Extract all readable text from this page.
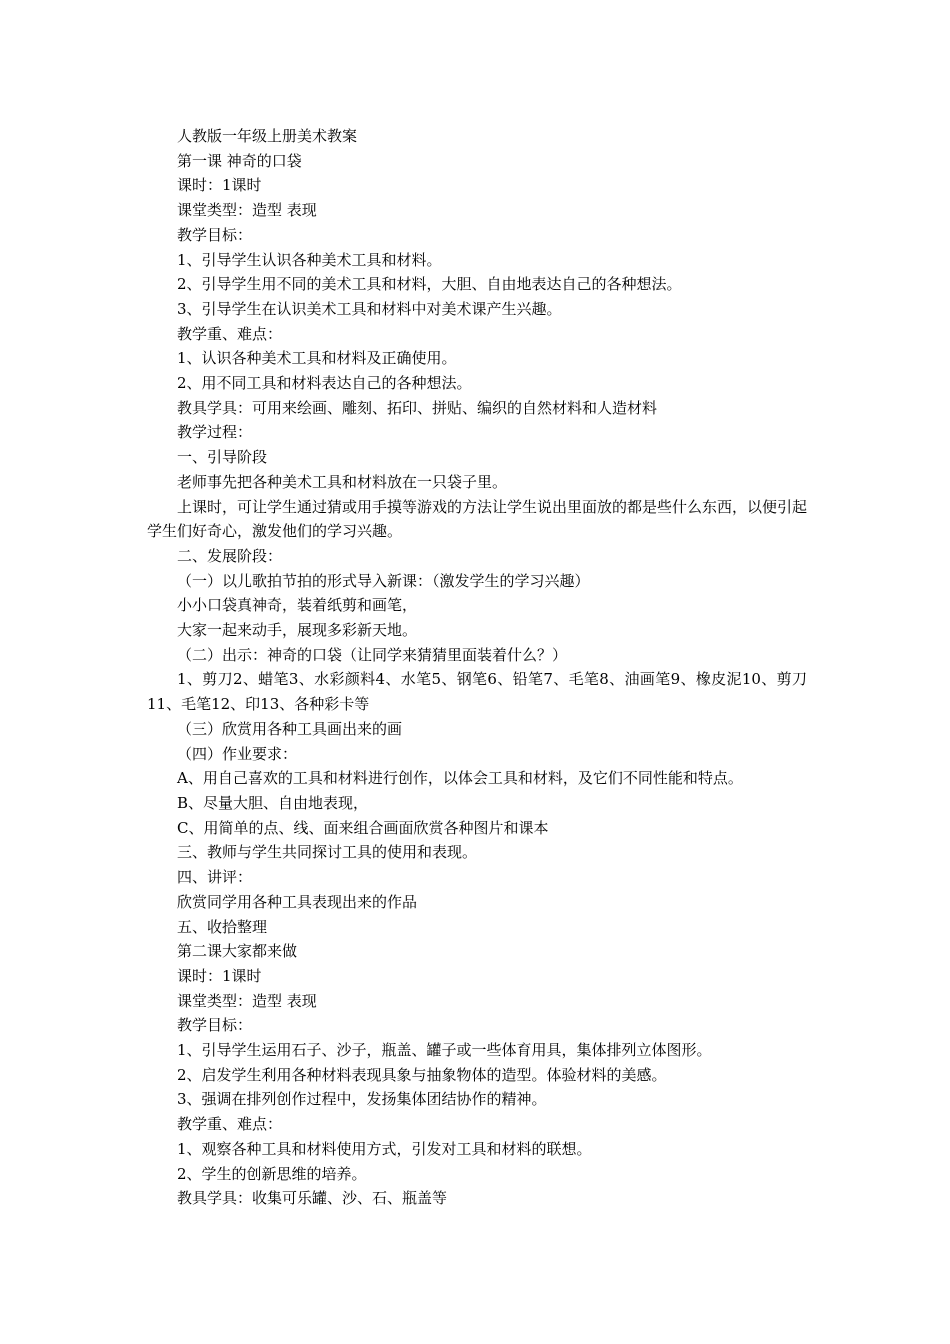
人教版一年级上册美术教案

第一课 神奇的口袋

课时：1课时

课堂类型：造型 表现

教学目标：

1、引导学生认识各种美术工具和材料。

2、引导学生用不同的美术工具和材料，大胆、自由地表达自己的各种想法。

3、引导学生在认识美术工具和材料中对美术课产生兴趣。

教学重、难点：

1、认识各种美术工具和材料及正确使用。

2、用不同工具和材料表达自己的各种想法。

教具学具：可用来绘画、雕刻、拓印、拼贴、编织的自然材料和人造材料

教学过程：

一、引导阶段

老师事先把各种美术工具和材料放在一只袋子里。

上课时，可让学生通过猜或用手摸等游戏的方法让学生说出里面放的都是些什么东西，以便引起学生们好奇心，激发他们的学习兴趣。

二、发展阶段：

（一）以儿歌拍节拍的形式导入新课：（激发学生的学习兴趣）

小小口袋真神奇，装着纸剪和画笔，

大家一起来动手，展现多彩新天地。

（二）出示：神奇的口袋（让同学来猜猜里面装着什么？）

1、剪刀2、蜡笔3、水彩颜料4、水笔5、钢笔6、铅笔7、毛笔8、油画笔9、橡皮泥10、剪刀11、毛笔12、印13、各种彩卡等

（三）欣赏用各种工具画出来的画

（四）作业要求：

A、用自己喜欢的工具和材料进行创作，以体会工具和材料，及它们不同性能和特点。

B、尽量大胆、自由地表现，

C、用简单的点、线、面来组合画面欣赏各种图片和课本

三、教师与学生共同探讨工具的使用和表现。

四、讲评：

欣赏同学用各种工具表现出来的作品

五、收拾整理

第二课大家都来做

课时：1课时

课堂类型：造型 表现

教学目标：

1、引导学生运用石子、沙子，瓶盖、罐子或一些体育用具，集体排列立体图形。

2、启发学生利用各种材料表现具象与抽象物体的造型。体验材料的美感。

3、强调在排列创作过程中，发扬集体团结协作的精神。

教学重、难点：

1、观察各种工具和材料使用方式，引发对工具和材料的联想。

2、学生的创新思维的培养。

教具学具：收集可乐罐、沙、石、瓶盖等
